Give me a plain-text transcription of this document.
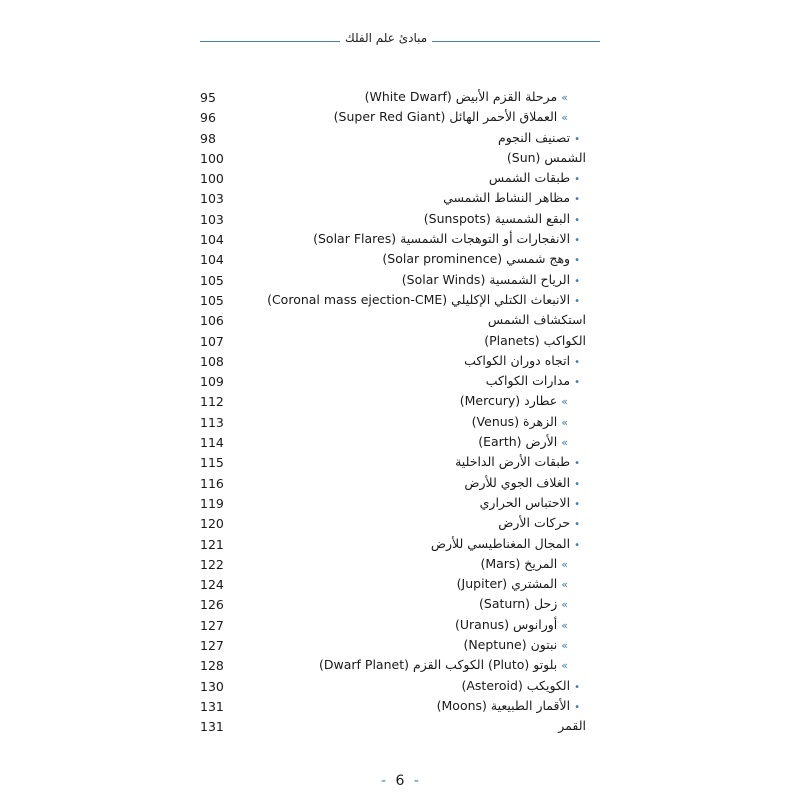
مبادئ علم الفلك
95	»مرحلة القزم الأبيض (White Dwarf)
96	»العملاق الأحمر الهائل (Super Red Giant)
98	•تصنيف النجوم
100	الشمس (Sun)
100	•طبقات الشمس
103	•مظاهر النشاط الشمسي
103	•البقع الشمسية (Sunspots)
104	•الانفجارات أو التوهجات الشمسية (Solar Flares)
104	•وهج شمسي (Solar prominence)
105	•الرياح الشمسية (Solar Winds)
105	•الانبعاث الكتلي الإكليلي (Coronal mass ejection-CME)
106	استكشاف الشمس
107	الكواكب (Planets)
108	•اتجاه دوران الكواكب
109	•مدارات الكواكب
112	»عطارد (Mercury)
113	»الزهرة (Venus)
114	»الأرض (Earth)
115	•طبقات الأرض الداخلية
116	•الغلاف الجوي للأرض
119	•الاحتباس الحراري
120	•حركات الأرض
121	•المجال المغناطيسي للأرض
122	»المريخ (Mars)
124	»المشتري (Jupiter)
126	»زحل (Saturn)
127	»أورانوس (Uranus)
127	»نبتون (Neptune)
128	»بلوتو (Pluto) الكوكب القزم (Dwarf Planet)
130	•الكويكب (Asteroid)
131	•الأقمار الطبيعية (Moons)
131	القمر
- 6 -
